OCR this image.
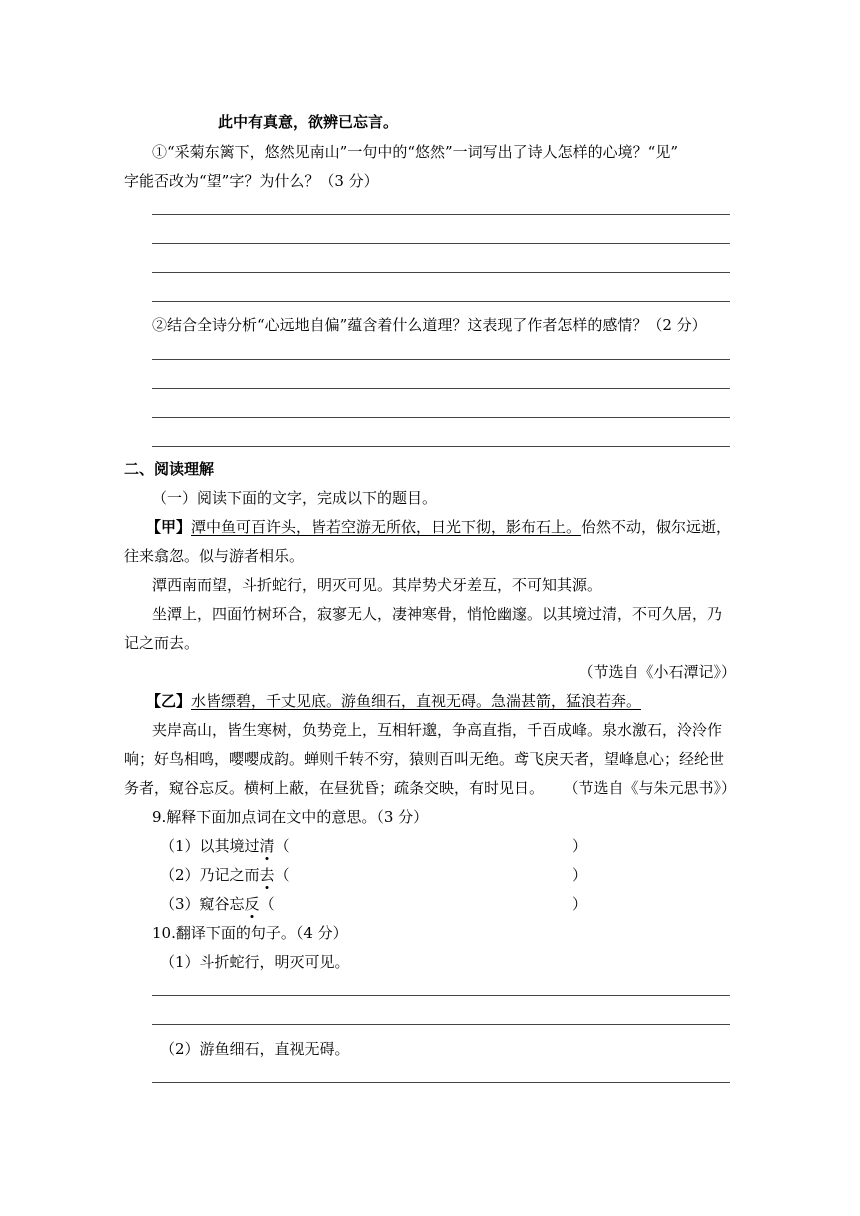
此中有真意，欲辨已忘言。
①“采菊东篱下，悠然见南山”一句中的“悠然”一词写出了诗人怎样的心境？“见”
字能否改为“望”字？为什么？（3 分）
②结合全诗分析“心远地自偏”蕴含着什么道理？这表现了作者怎样的感情？（2 分）
二、阅读理解
（一）阅读下面的文字，完成以下的题目。
【甲】潭中鱼可百许头，皆若空游无所依，日光下彻，影布石上。佁然不动，俶尔远逝，
往来翕忽。似与游者相乐。
潭西南而望，斗折蛇行，明灭可见。其岸势犬牙差互，不可知其源。
坐潭上，四面竹树环合，寂寥无人，凄神寒骨，悄怆幽邃。以其境过清，不可久居，乃
记之而去。
（节选自《小石潭记》）
【乙】水皆缥碧，千丈见底。游鱼细石，直视无碍。急湍甚箭，猛浪若奔。
夹岸高山，皆生寒树，负势竞上，互相轩邈，争高直指，千百成峰。泉水激石，泠泠作
响；好鸟相鸣，嘤嘤成韵。蝉则千转不穷，猿则百叫无绝。鸢飞戾天者，望峰息心；经纶世
务者，窥谷忘反。横柯上蔽，在昼犹昏；疏条交映，有时见日。 （节选自《与朱元思书》）
9.解释下面加点词在文中的意思。（3 分）
（1）以其境过清（	）
（2）乃记之而去（	）
（3）窥谷忘反（	）
10.翻译下面的句子。（4 分）
（1）斗折蛇行，明灭可见。
（2）游鱼细石，直视无碍。
